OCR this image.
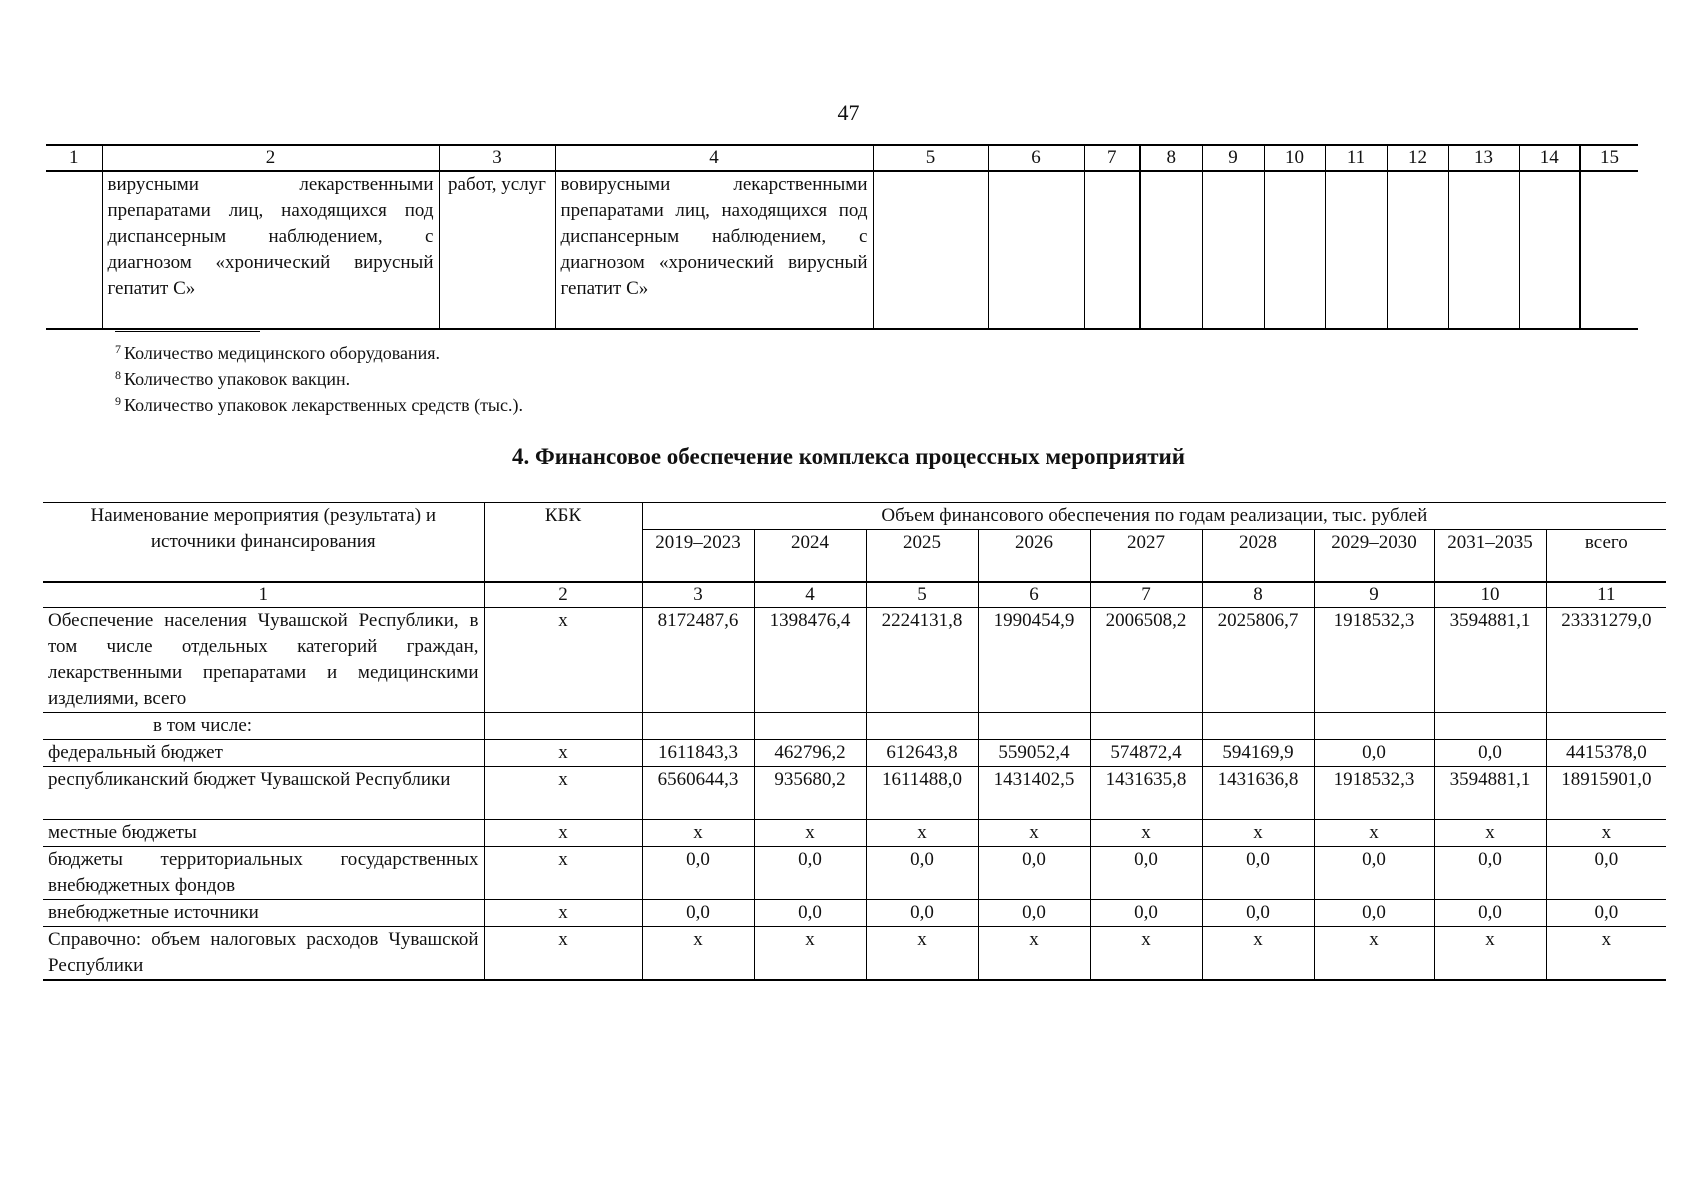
47
1	2	3	4	5	6	7	8	9	10	11	12	13	14	15
	вирусными лекарственными препаратами лиц, находящихся под диспансерным наблюдением, с диагнозом «хронический вирусный гепатит С»	работ, услуг	вовирусными лекарственными препаратами лиц, находящихся под диспансерным наблюдением, с диагнозом «хронический вирусный гепатит С»											
$^7$ Количество медицинского оборудования.
$^8$ Количество упаковок вакцин.
$^9$ Количество упаковок лекарственных средств (тыс.).
4. Финансовое обеспечение комплекса процессных мероприятий
Наименование мероприятия (результата) и источники финансирования	КБК	Объем финансового обеспечения по годам реализации, тыс. рублей								
		2019–2023	2024	2025	2026	2027	2028	2029–2030	2031–2035	всего
1	2	3	4	5	6	7	8	9	10	11
Обеспечение населения Чувашской Республики, в том числе отдельных категорий граждан, лекарственными препаратами и медицинскими изделиями, всего	x	8172487,6	1398476,4	2224131,8	1990454,9	2006508,2	2025806,7	1918532,3	3594881,1	23331279,0
в том числе:										
федеральный бюджет	x	1611843,3	462796,2	612643,8	559052,4	574872,4	594169,9	0,0	0,0	4415378,0
республиканский бюджет Чувашской Республики	x	6560644,3	935680,2	1611488,0	1431402,5	1431635,8	1431636,8	1918532,3	3594881,1	18915901,0
местные бюджеты	x	x	x	x	x	x	x	x	x	x
бюджеты территориальных государственных внебюджетных фондов	x	0,0	0,0	0,0	0,0	0,0	0,0	0,0	0,0	0,0
внебюджетные источники	x	0,0	0,0	0,0	0,0	0,0	0,0	0,0	0,0	0,0
Справочно: объем налоговых расходов Чувашской Республики	x	x	x	x	x	x	x	x	x	x
